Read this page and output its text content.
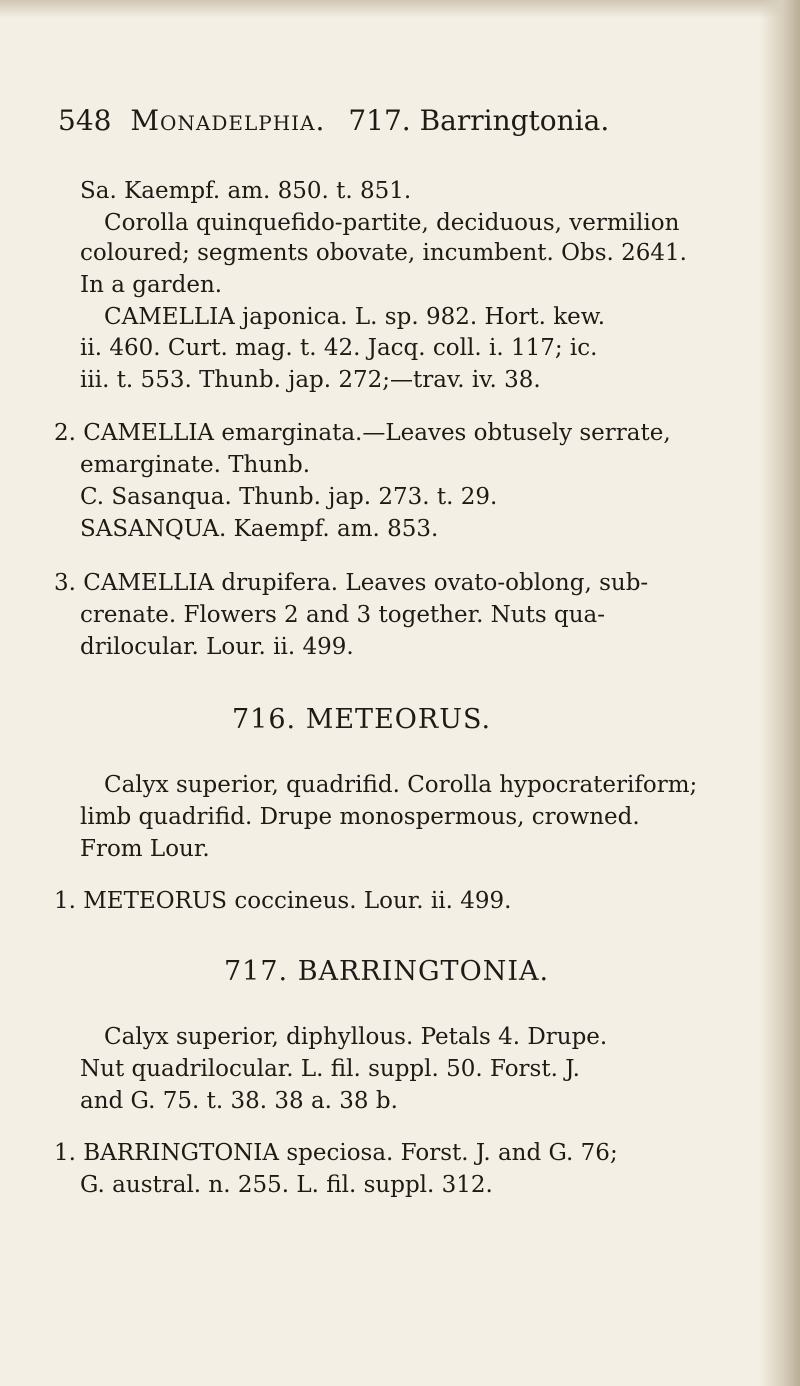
548 Monadelphia. 717. Barringtonia.
Sa. Kaempf. am. 850. t. 851.
Corolla quinquefido-partite, deciduous, vermilion
coloured; segments obovate, incumbent. Obs. 2641.
In a garden.
CAMELLIA japonica. L. sp. 982. Hort. kew.
ii. 460. Curt. mag. t. 42. Jacq. coll. i. 117; ic.
iii. t. 553. Thunb. jap. 272;—trav. iv. 38.
2. CAMELLIA emarginata.—Leaves obtusely serrate,
emarginate. Thunb.
C. Sasanqua. Thunb. jap. 273. t. 29.
SASANQUA. Kaempf. am. 853.
3. CAMELLIA drupifera. Leaves ovato-oblong, sub-
crenate. Flowers 2 and 3 together. Nuts qua-
drilocular. Lour. ii. 499.
716. METEORUS.
Calyx superior, quadrifid. Corolla hypocrateriform;
limb quadrifid. Drupe monospermous, crowned.
From Lour.
1. METEORUS coccineus. Lour. ii. 499.
717. BARRINGTONIA.
Calyx superior, diphyllous. Petals 4. Drupe.
Nut quadrilocular. L. fil. suppl. 50. Forst. J.
and G. 75. t. 38. 38 a. 38 b.
1. BARRINGTONIA speciosa. Forst. J. and G. 76;
G. austral. n. 255. L. fil. suppl. 312.
